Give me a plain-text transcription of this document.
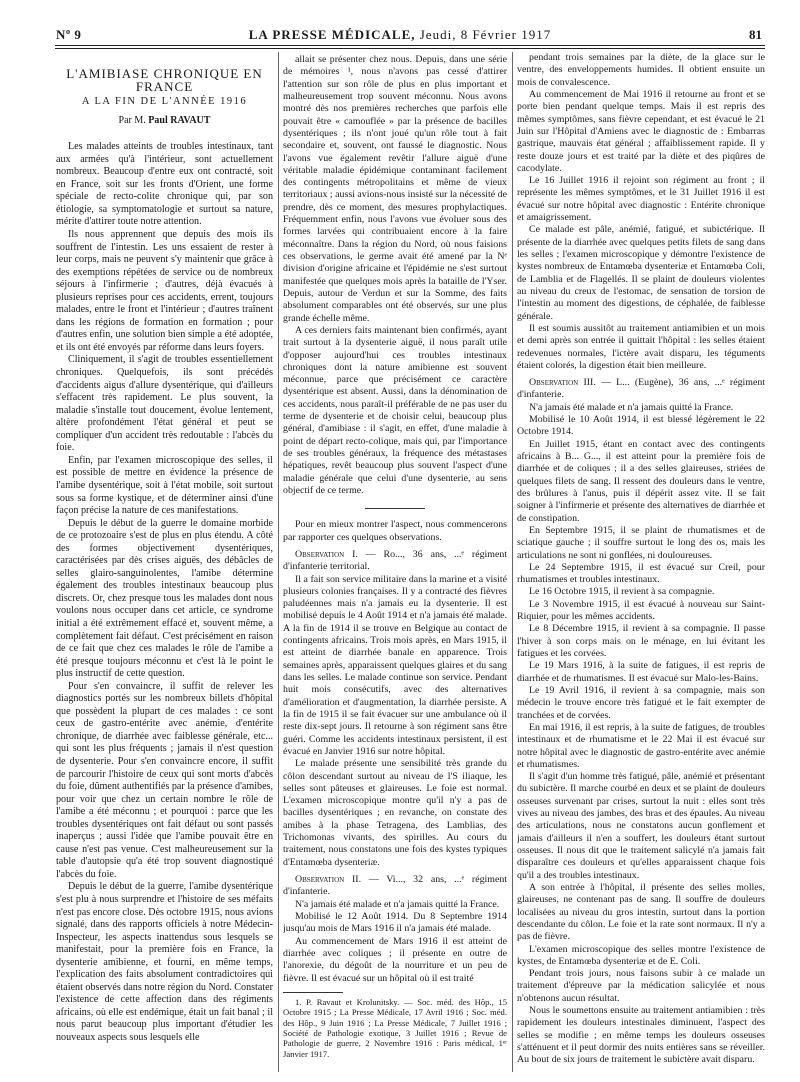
Nº 9	LA PRESSE MÉDICALE, Jeudi, 8 Février 1917	81

L'AMIBIASE CHRONIQUE EN FRANCE

A LA FIN DE L'ANNÉE 1916

Par M. Paul RAVAUT

Les malades atteints de troubles intestinaux, tant aux armées qu'à l'intérieur, sont actuellement nombreux. Beaucoup d'entre eux ont contracté, soit en France, soit sur les fronts d'Orient, une forme spéciale de recto-colite chronique qui, par son étiologie, sa symptomatologie et surtout sa nature, mérite d'attirer toute notre attention.

Ils nous apprennent que depuis des mois ils souffrent de l'intestin. Les uns essaient de rester à leur corps, mais ne peuvent s'y maintenir que grâce à des exemptions répétées de service ou de nombreux séjours à l'infirmerie ; d'autres, déjà évacués à plusieurs reprises pour ces accidents, errent, toujours malades, entre le front et l'intérieur ; d'autres traînent dans les régions de formation en formation ; pour d'autres enfin, une solution bien simple a été adoptée, et ils ont été envoyés par réforme dans leurs foyers.

Cliniquement, il s'agit de troubles essentiellement chroniques. Quelquefois, ils sont précédés d'accidents aigus d'allure dysentérique, qui d'ailleurs s'effacent très rapidement. Le plus souvent, la maladie s'installe tout doucement, évolue lentement, altère profondément l'état général et peut se compliquer d'un accident très redoutable : l'abcès du foie.

Enfin, par l'examen microscopique des selles, il est possible de mettre en évidence la présence de l'amibe dysentérique, soit à l'état mobile, soit surtout sous sa forme kystique, et de déterminer ainsi d'une façon précise la nature de ces manifestations.

Depuis le début de la guerre le domaine morbide de ce protozoaire s'est de plus en plus étendu. A côté des formes objectivement dysentériques, caractérisées par dès crises aiguës, des débâcles de selles glairo-sanguinolentes, l'amibe détermine également des troubles intestinaux beaucoup plus discrets. Or, chez presque tous les malades dont nous voulons nous occuper dans cet article, ce syndrome initial a été extrêmement effacé et, souvent même, a complètement fait défaut. C'est précisément en raison de ce fait que chez ces malades le rôle de l'amibe a été presque toujours méconnu et c'est là le point le plus instructif de cette question.

Pour s'en convaincre, il suffit de relever les diagnostics portés sur les nombreux billets d'hôpital que possèdent la plupart de ces malades : ce sont ceux de gastro-entérite avec anémie, d'entérite chronique, de diarrhée avec faiblesse générale, etc... qui sont les plus fréquents ; jamais il n'est question de dysenterie. Pour s'en convaincre encore, il suffit de parcourir l'histoire de ceux qui sont morts d'abcès du foie, dûment authentifiés par la présence d'amibes, pour voir que chez un certain nombre le rôle de l'amibe a été méconnu ; et pourquoi : parce que les troubles dysentériques ont fait défaut ou sont passés inaperçus ; aussi l'idée que l'amibe pouvait être en cause n'est pas venue. C'est malheureusement sur la table d'autopsie qu'a été trop souvent diagnostiqué l'abcès du foie.

Depuis le début de la guerre, l'amibe dysentérique s'est plu à nous surprendre et l'histoire de ses méfaits n'est pas encore close. Dès octobre 1915, nous avions signalé, dans des rapports officiels à notre Médecin-Inspecteur, les aspects inattendus sous lesquels se manifestait, pour la première fois en France, la dysenterie amibienne, et fourni, en même temps, l'explication des faits absolument contradictoires qui étaient observés dans notre région du Nord. Constater l'existence de cette affection dans des régiments africains, où elle est endémique, était un fait banal ; il nous parut beaucoup plus important d'étudier les nouveaux aspects sous lesquels elle

allait se présenter chez nous. Depuis, dans une série de mémoires ¹, nous n'avons pas cessé d'attirer l'attention sur son rôle de plus en plus important et malheureusement trop souvent méconnu. Nous avons montré dès nos premières recherches que parfois elle pouvait être « camouflée » par la présence de bacilles dysentériques ; ils n'ont joué qu'un rôle tout à fait secondaire et, souvent, ont faussé le diagnostic. Nous l'avons vue également revêtir l'allure aiguë d'une véritable maladie épidémique contaminant facilement des contingents métropolitains et même de vieux territoriaux ; aussi avions-nous insisté sur la nécessité de prendre, dès ce moment, des mesures prophylactiques. Fréquemment enfin, nous l'avons vue évoluer sous des formes larvées qui contribuaient encore à la faire méconnaître. Dans la région du Nord, où nous faisions ces observations, le germe avait été amené par la Nᵉ division d'origine africaine et l'épidémie ne s'est surtout manifestée que quelques mois après la bataille de l'Yser. Depuis, autour de Verdun et sur la Somme, des faits absolument comparables ont été observés, sur une plus grande échelle même.

A ces derniers faits maintenant bien confirmés, ayant trait surtout à la dysenterie aiguë, il nous paraît utile d'opposer aujourd'hui ces troubles intestinaux chroniques dont la nature amibienne est souvent méconnue, parce que précisément ce caractère dysentérique est absent. Aussi, dans la dénomination de ces accidents, nous paraît-il préférable de ne pas user du terme de dysenterie et de choisir celui, beaucoup plus général, d'amibiase : il s'agit, en effet, d'une maladie à point de départ recto-colique, mais qui, par l'importance de ses troubles généraux, la fréquence des métastases hépatiques, revêt beaucoup plus souvent l'aspect d'une maladie générale que celui d'une dysenterie, au sens objectif de ce terme.

Pour en mieux montrer l'aspect, nous commencerons par rapporter ces quelques observations.

Observation I. — Ro..., 36 ans, ...ᵉ régiment d'infanterie territorial.

Il a fait son service militaire dans la marine et a visité plusieurs colonies françaises. Il y a contracté des fièvres paludéennes mais n'a jamais eu la dysenterie. Il est mobilisé depuis le 4 Août 1914 et n'a jamais été malade. A la fin de 1914 il se trouve en Belgique au contact de contingents africains. Trois mois après, en Mars 1915, il est atteint de diarrhée banale en apparence. Trois semaines après, apparaissent quelques glaires et du sang dans les selles. Le malade continue son service. Pendant huit mois consécutifs, avec des alternatives d'amélioration et d'augmentation, la diarrhée persiste. A la fin de 1915 il se fait évacuer sur une ambulance où il reste dix-sept jours. Il retourne à son régiment sans être guéri. Comme les accidents intestinaux persistent, il est évacué en Janvier 1916 sur notre hôpital.

Le malade présente une sensibilité très grande du côlon descendant surtout au niveau de l'S iliaque, les selles sont pâteuses et glaireuses. Le foie est normal. L'examen microscopique montre qu'il n'y a pas de bacilles dysentériques ; en revanche, on constate des amibes à la phase Tetragena, des Lamblias, des Trichomonas vivants, des spirilles. Au cours du traitement, nous constatons une fois des kystes typiques d'Entamœba dysenteriæ.

Observation II. — Vi..., 32 ans, ...ᵉ régiment d'infanterie.

N'a jamais été malade et n'a jamais quitté la France.

Mobilisé le 12 Août 1914. Du 8 Septembre 1914 jusqu'au mois de Mars 1916 il n'a jamais été malade.

Au commencement de Mars 1916 il est atteint de diarrhée avec coliques ; il présente en outre de l'anorexie, du dégoût de la nourriture et un peu de fièvre. Il est évacué sur un hôpital où il est traité

1. P. Ravaut et Krolunitsky. — Soc. méd. des Hôp., 15 Octobre 1915 ; La Presse Médicale, 17 Avril 1916 ; Soc. méd. des Hôp., 9 Juin 1916 ; La Presse Médicale, 7 Juillet 1916 ; Société de Pathologie exotique, 3 Juillet 1916 ; Revue de Pathologie de guerre, 2 Novembre 1916 : Paris médical, 1ᵉʳ Janvier 1917.

pendant trois semaines par la diète, de la glace sur le ventre, des enveloppements humides. Il obtient ensuite un mois de convalescence.

Au commencement de Mai 1916 il retourne au front et se porte bien pendant quelque temps. Mais il est repris des mêmes symptômes, sans fièvre cependant, et est évacué le 21 Juin sur l'Hôpital d'Amiens avec le diagnostic de : Embarras gastrique, mauvais état général ; affaiblissement rapide. Il y reste douze jours et est traité par la diète et des piqûres de cacodylate.

Le 16 Juillet 1916 il rejoint son régiment au front ; il représente les mêmes symptômes, et le 31 Juillet 1916 il est évacué sur notre hôpital avec diagnostic : Entérite chronique et amaigrissement.

Ce malade est pâle, anémié, fatigué, et subictérique. Il présente de la diarrhée avec quelques petits filets de sang dans les selles ; l'examen microscopique y démontre l'existence de kystes nombreux de Entamœba dysenteriæ et Entamœba Coli, de Lamblia et de Flagellés. Il se plaint de douleurs violentes au niveau du creux de l'estomac, de sensation de torsion de l'intestin au moment des digestions, de céphalée, de faiblesse générale.

Il est soumis aussitôt au traitement antiamibien et un mois et demi après son entrée il quittait l'hôpital : les selles étaient redevenues normales, l'ictère avait disparu, les téguments étaient colorés, la digestion était bien meilleure.

Observation III. — L... (Eugène), 36 ans, ...ᵉ régiment d'infanterie.

N'a jamais été malade et n'a jamais quitté la France.

Mobilisé le 10 Août 1914, il est blessé légèrement le 22 Octobre 1914.

En Juillet 1915, étant en contact avec des contingents africains à B... G..., il est atteint pour la première fois de diarrhée et de coliques ; il a des selles glaireuses, striées de quelques filets de sang. Il ressent des douleurs dans le ventre, des brûlures à l'anus, puis il dépérit assez vite. Il se fait soigner à l'infirmerie et présente des alternatives de diarrhée et de constipation.

En Septembre 1915, il se plaint de rhumatismes et de sciatique gauche ; il souffre surtout le long des os, mais les articulations ne sont ni gonflées, ni douloureuses.

Le 24 Septembre 1915, il est évacué sur Creil, pour rhumatismes et troubles intestinaux.

Le 16 Octobre 1915, il revient à sa compagnie.

Le 3 Novembre 1915, il est évacué à nouveau sur Saint-Riquier, pour les mêmes accidents.

Le 8 Décembre 1915, il revient à sa compagnie. Il passe l'hiver à son corps mais on le ménage, en lui évitant les fatigues et les corvées.

Le 19 Mars 1916, à la suite de fatigues, il est repris de diarrhée et de rhumatismes. Il est évacué sur Malo-les-Bains.

Le 19 Avril 1916, il revient à sa compagnie, mais son médecin le trouve encore très fatigué et le fait exempter de tranchées et de corvées.

En mai 1916, il est repris, à la suite de fatigues, de troubles intestinaux et de rhumatisme et le 22 Mai il est évacué sur notre hôpital avec le diagnostic de gastro-entérite avec anémie et rhumatismes.

Il s'agit d'un homme très fatigué, pâle, anémié et présentant du subictère. Il marche courbé en deux et se plaint de douleurs osseuses survenant par crises, surtout la nuit : elles sont très vives au niveau des jambes, des bras et des épaules. Au niveau des articulations, nous ne constatons aucun gonflement et jamais d'ailleurs il n'en a souffert, les douleurs étant surtout osseuses. Il nous dit que le traitement salicylé n'a jamais fait disparaître ces douleurs et qu'elles apparaissent chaque fois qu'il a des troubles intestinaux.

A son entrée à l'hôpital, il présente des selles molles, glaireuses, ne contenant pas de sang. Il souffre de douleurs localisées au niveau du gros intestin, surtout dans la portion descendante du côlon. Le foie et la rate sont normaux. Il n'y a pas de fièvre.

L'examen microscopique des selles montre l'existence de kystes, de Entamœba dysenteriæ et de E. Coli.

Pendant trois jours, nous faisons subir à ce malade un traitement d'épreuve par la médication salicylée et nous n'obtenons aucun résultat.

Nous le soumettons ensuite au traitement antiamibien : très rapidement les douleurs intestinales diminuent, l'aspect des selles se modifie ; en même temps les douleurs osseuses s'atténuent et il peut dormir des nuits entières sans se réveiller. Au bout de six jours de traitement le subictère avait disparu.
